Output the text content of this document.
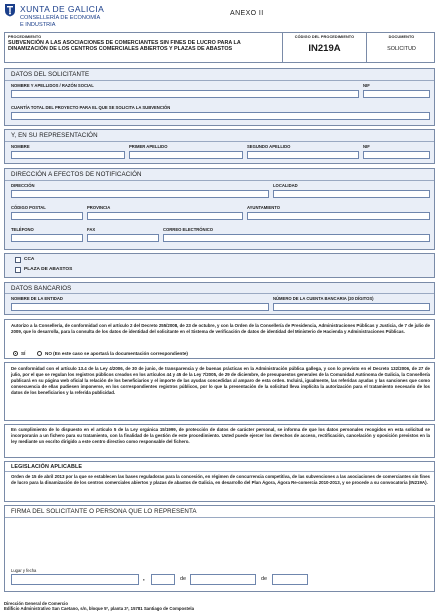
XUNTA DE GALICIA
CONSELLERÍA DE ECONOMÍA
E INDUSTRIA
ANEXO II
PROCEDIMIENTO
SUBVENCIÓN A LAS ASOCIACIONES DE COMERCIANTES SIN FINES DE LUCRO PARA LA DINAMIZACIÓN DE LOS CENTROS COMERCIALES ABIERTOS Y PLAZAS DE ABASTOS
CÓDIGO DEL PROCEDIMIENTO
IN219A
DOCUMENTO
SOLICITUD
DATOS DEL SOLICITANTE
NOMBRE Y APELLIDOS / RAZÓN SOCIAL	NIF
CUANTÍA TOTAL DEL PROYECTO PARA EL QUE SE SOLICITA LA SUBVENCIÓN
Y, EN SU REPRESENTACIÓN
NOMBRE	PRIMER APELLIDO	SEGUNDO APELLIDO	NIF
DIRECCIÓN A EFECTOS DE NOTIFICACIÓN
DIRECCIÓN	LOCALIDAD
CÓDIGO POSTAL	PROVINCIA	AYUNTAMIENTO
TELÉFONO	FAX	CORREO ELECTRÓNICO
CCA
PLAZA DE ABASTOS
DATOS BANCARIOS
NOMBRE DE LA ENTIDAD	NÚMERO DE LA CUENTA BANCARIA (20 DÍGITOS)
Autorizo a la Consellería, de conformidad con el artículo 2 del Decreto 255/2008, de 23 de octubre, y con la Orden de la Consellería de Presidencia, Administraciones Públicas y Justicia, de 7 de julio de 2009, que lo desarrolla, para la consulta de los datos de identidad del solicitante en el Sistema de verificación de datos de identidad del Ministerio de Hacienda y Administraciones Públicas.
SÍ	NO (En este caso se aportará la documentación correspondiente)
De conformidad con el artículo 13.4 de la Ley 4/2006, de 30 de junio, de transparencia y de buenas prácticas en la Administración pública gallega, y con lo previsto en el Decreto 132/2006, de 27 de julio, por el que se regulan los registros públicos creados en los artículos 44 y 45 de la Ley 7/2005, de 29 de diciembre, de presupuestos generales de la Comunidad Autónoma de Galicia, la Consellería publicará en su página web oficial la relación de los beneficiarios y el importe de las ayudas concedidas al amparo de esta orden. Incluirá, igualmente, las referidas ayudas y las sanciones que como consecuencia de ellas pudiesen imponerse, en los correspondientes registros públicos, por lo que la presentación de la solicitud lleva implícita la autorización para el tratamiento necesario de los datos de los beneficiarios y la referida publicidad.
En cumplimiento de lo dispuesto en el artículo 5 de la Ley orgánica 15/1999, de protección de datos de carácter personal, se informa de que los datos personales recogidos en esta solicitud se incorporarán a un fichero para su tratamiento, con la finalidad de la gestión de este procedimiento. Usted puede ejercer los derechos de acceso, rectificación, cancelación y oposición previstos en la ley mediante un escrito dirigido a este centro directivo como responsable del fichero.
LEGISLACIÓN APLICABLE
Orden de 15 de abril 2013 por la que se establecen las bases reguladoras para la concesión, en régimen de concurrencia competitiva, de las subvenciones a las asociaciones de comerciantes sin fines de lucro para la dinamización de los centros comerciales abiertos y plazas de abastos de Galicia, en desarrollo del Plan Ágora, Ágora Re-comercia 2010-2013, y se procede a su convocatoria (IN219A).
FIRMA DEL SOLICITANTE O PERSONA QUE LO REPRESENTA
Lugar y fecha
,	de	de
Dirección General de Comercio
Edificio Administrativo San Caetano, s/n, bloque 5º, planta 3ª, 15781 Santiago de Compostela
